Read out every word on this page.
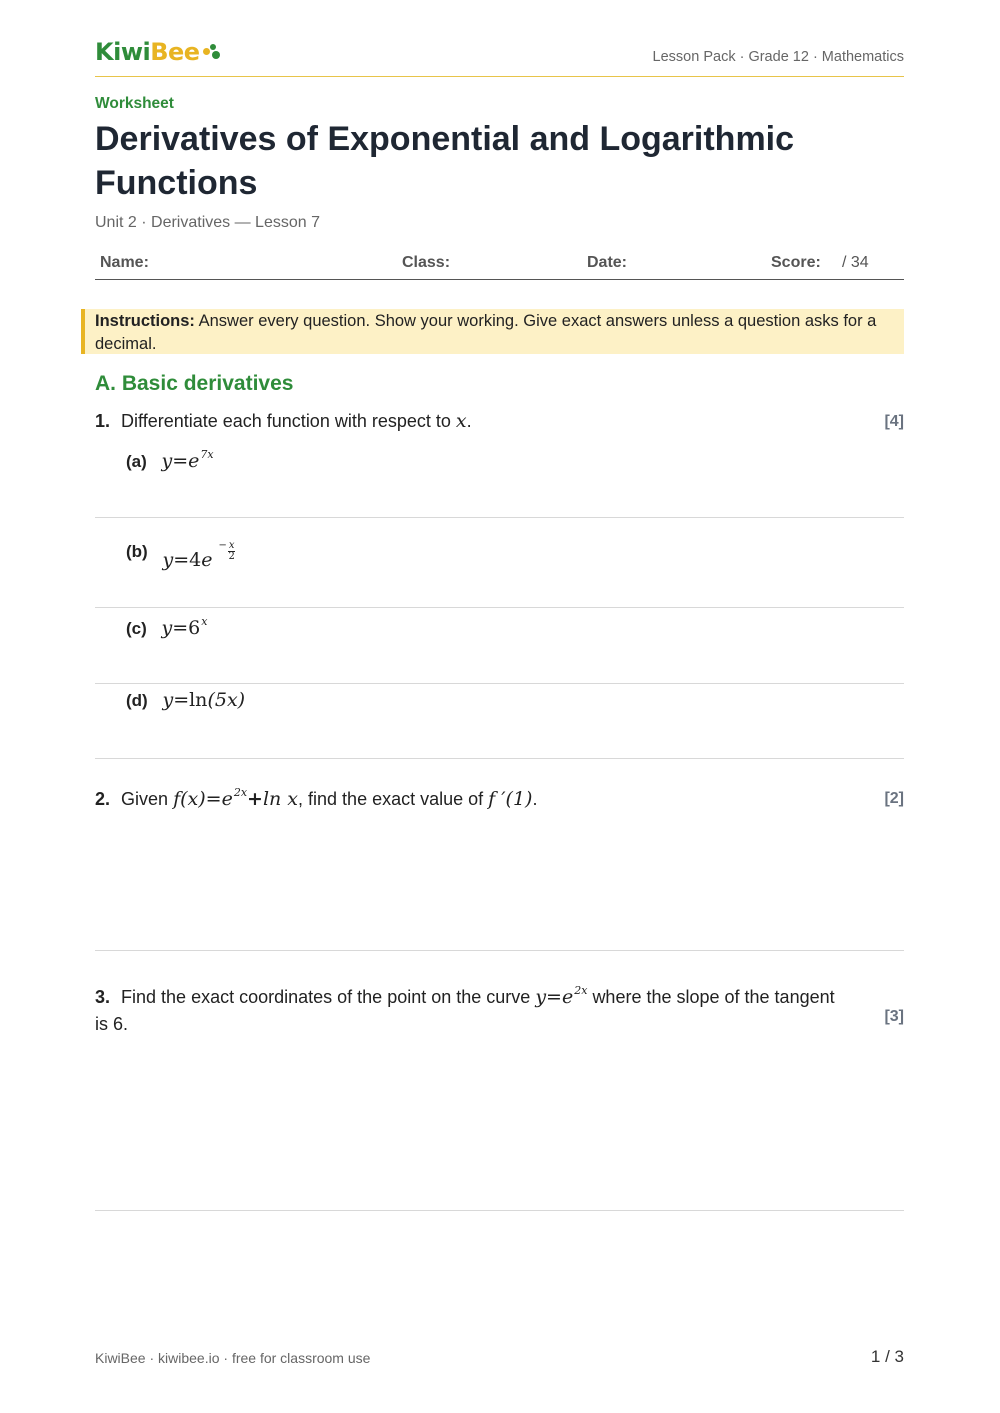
Kiwi Bee	Lesson Pack · Grade 12 · Mathematics
Worksheet
Derivatives of Exponential and Logarithmic Functions
Unit 2 · Derivatives — Lesson 7
Name:	Class:	Date:	Score: / 34
Instructions: Answer every question. Show your working. Give exact answers unless a question asks for a decimal.
A. Basic derivatives
1. Differentiate each function with respect to x.	[4]
(a) $y=e^{7x}$
(b) $y=4e^- \frac{x}{2}$
(c) $y=6^x$
(d) y=ln(5x)
2. Given $f(x)=e^{2x}+\ln$ x, find the exact value of f ′(1).	[2]
3. Find the exact coordinates of the point on the curve $y=e^{2x}$ where the slope of the tangent
is 6.	[3]
KiwiBee · kiwibee.io · free for classroom use	1 / 3
